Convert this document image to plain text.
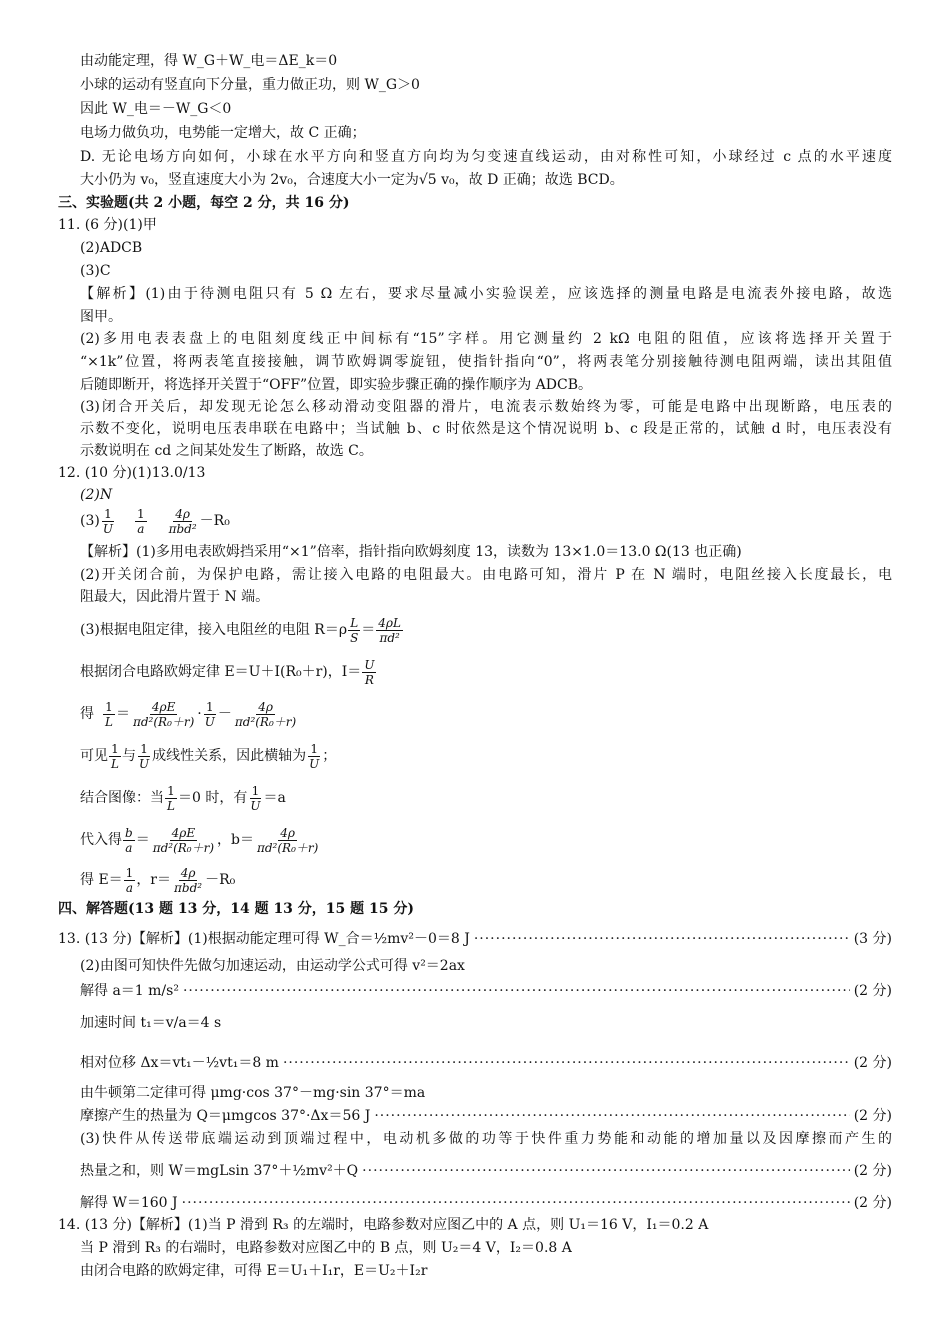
由动能定理，得 W_G＋W_电＝ΔE_k＝0
小球的运动有竖直向下分量，重力做正功，则 W_G＞0
因此 W_电＝－W_G＜0
电场力做负功，电势能一定增大，故 C 正确；
D. 无论电场方向如何，小球在水平方向和竖直方向均为匀变速直线运动，由对称性可知，小球经过 c 点的水平速度
大小仍为 v₀，竖直速度大小为 2v₀，合速度大小一定为√5 v₀，故 D 正确；故选 BCD。
三、实验题(共 2 小题，每空 2 分，共 16 分)
11. (6 分)(1)甲
(2)ADCB
(3)C
【解析】(1)由于待测电阻只有 5 Ω 左右，要求尽量减小实验误差，应该选择的测量电路是电流表外接电路，故选
图甲。
(2)多用电表表盘上的电阻刻度线正中间标有“15”字样。用它测量约 2 kΩ 电阻的阻值，应该将选择开关置于
“×1k”位置，将两表笔直接接触，调节欧姆调零旋钮，使指针指向“0”，将两表笔分别接触待测电阻两端，读出其阻值
后随即断开，将选择开关置于“OFF”位置，即实验步骤正确的操作顺序为 ADCB。
(3)闭合开关后，却发现无论怎么移动滑动变阻器的滑片，电流表示数始终为零，可能是电路中出现断路，电压表的
示数不变化，说明电压表串联在电路中；当试触 b、c 时依然是这个情况说明 b、c 段是正常的，试触 d 时，电压表没有
示数说明在 cd 之间某处发生了断路，故选 C。
12. (10 分)(1)13.0/13
(2)N
$(3) \frac{1}{U} \frac{1}{a} \frac{4\rho}{\text{πbd²}} -R_0$
【解析】(1)多用电表欧姆挡采用“×1”倍率，指针指向欧姆刻度 13，读数为 13×1.0＝13.0 Ω(13 也正确)
(2)开关闭合前，为保护电路，需让接入电路的电阻最大。由电路可知，滑片 P 在 N 端时，电阻丝接入长度最长，电
阻最大，因此滑片置于 N 端。
(3)根据电阻定律，接入电阻丝的电阻 $R=\rho \frac{L}{S} = \frac{4\rho L}{\text{πd²}}$
根据闭合电路欧姆定律 E＝U＋I(R₀＋r)，$I= \frac{U}{R}$
得 $\frac{1}{L} = \frac{4\rho E}{\text{πd²(R₀＋r)}} \cdot \frac{1}{U} - \frac{4\rho}{\text{πd²(R₀＋r)}}$
可见 $\frac{1}{L}$ 与 $\frac{1}{U}$ 成线性关系，因此横轴为 $\frac{1}{U}$ ；
结合图像：当 $\frac{1}{L} =0$ 时，有 $\frac{1}{U} =a$
代入得 $\frac{b}{a} = \frac{4\rho E}{\text{πd²(R₀＋r)}}$ ，$b= \frac{4\rho}{\text{πd²(R₀＋r)}}$
得 $E= \frac{1}{a}$ ，$r= \frac{4\rho}{\text{πbd²}} -R_0$
四、解答题(13 题 13 分，14 题 13 分，15 题 15 分)
13. (13 分)【解析】(1)根据动能定理可得 W_合＝½mv²－0＝8 J ·····	(3 分)
(2)由图可知快件先做匀加速运动，由运动学公式可得 v²＝2ax
解得 a＝1 m/s² ·····	(2 分)
加速时间 t₁＝v/a＝4 s
相对位移 Δx＝vt₁－½vt₁＝8 m ·····	(2 分)
由牛顿第二定律可得 μmg·cos 37°－mg·sin 37°＝ma
摩擦产生的热量为 Q＝μmgcos 37°·Δx＝56 J ·····	(2 分)
(3)快件从传送带底端运动到顶端过程中，电动机多做的功等于快件重力势能和动能的增加量以及因摩擦而产生的
热量之和，则 W＝mgLsin 37°＋½mv²＋Q ·····	(2 分)
解得 W＝160 J ·····	(2 分)
14. (13 分)【解析】(1)当 P 滑到 R₃ 的左端时，电路参数对应图乙中的 A 点，则 U₁＝16 V，I₁＝0.2 A
当 P 滑到 R₃ 的右端时，电路参数对应图乙中的 B 点，则 U₂＝4 V，I₂＝0.8 A
由闭合电路的欧姆定律，可得 E＝U₁＋I₁r，E＝U₂＋I₂r
